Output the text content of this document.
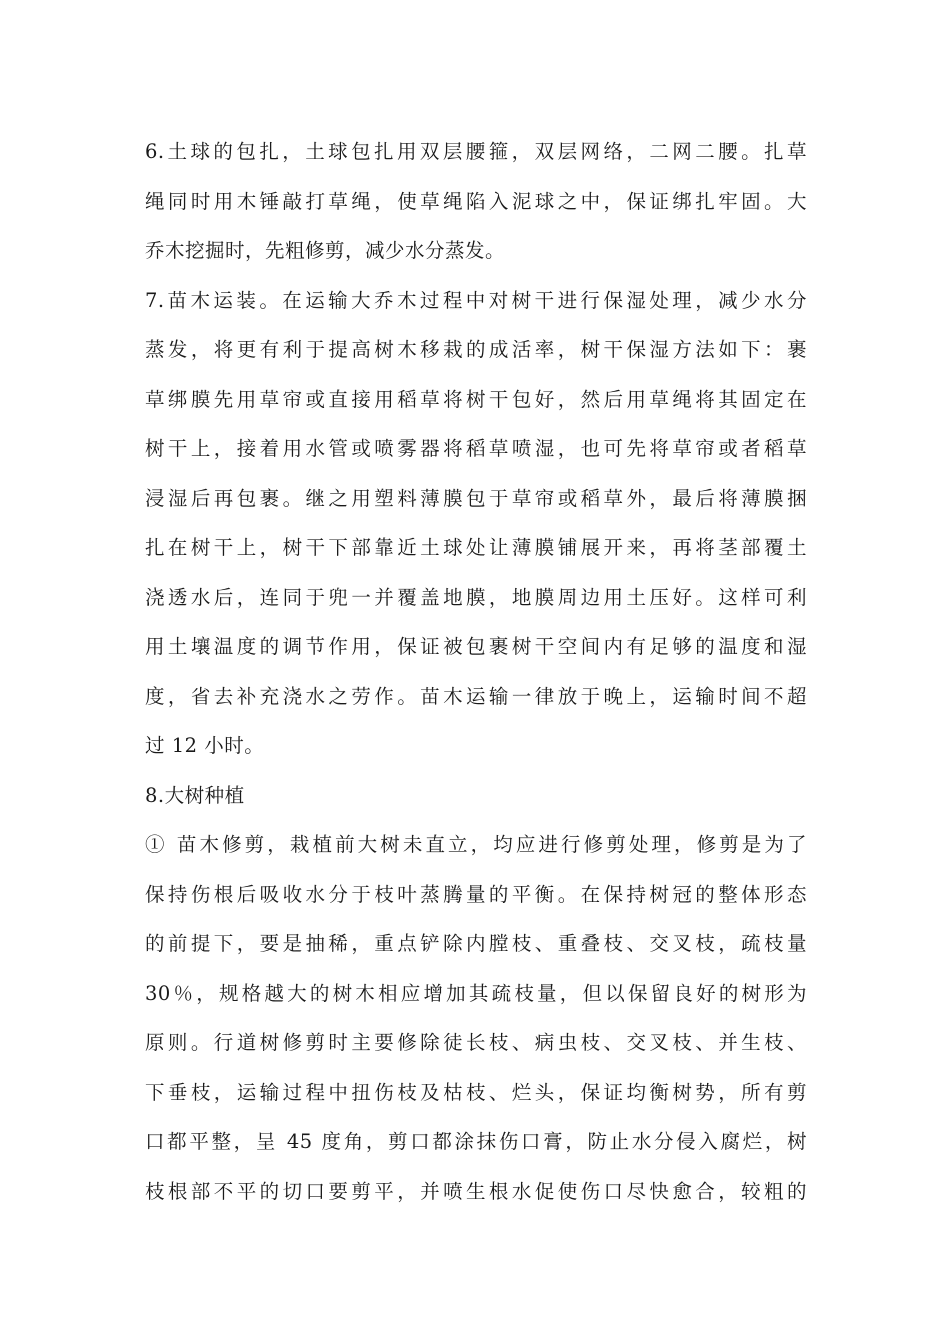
6.土球的包扎，土球包扎用双层腰箍，双层网络，二网二腰。扎草
绳同时用木锤敲打草绳，使草绳陷入泥球之中，保证绑扎牢固。大
乔木挖掘时，先粗修剪，减少水分蒸发。
7.苗木运装。在运输大乔木过程中对树干进行保湿处理，减少水分
蒸发，将更有利于提高树木移栽的成活率，树干保湿方法如下：裹
草绑膜先用草帘或直接用稻草将树干包好，然后用草绳将其固定在
树干上，接着用水管或喷雾器将稻草喷湿，也可先将草帘或者稻草
浸湿后再包裹。继之用塑料薄膜包于草帘或稻草外，最后将薄膜捆
扎在树干上，树干下部靠近土球处让薄膜铺展开来，再将茎部覆土
浇透水后，连同于兜一并覆盖地膜，地膜周边用土压好。这样可利
用土壤温度的调节作用，保证被包裹树干空间内有足够的温度和湿
度，省去补充浇水之劳作。苗木运输一律放于晚上，运输时间不超
过 12 小时。
8.大树种植
① 苗木修剪，栽植前大树未直立，均应进行修剪处理，修剪是为了
保持伤根后吸收水分于枝叶蒸腾量的平衡。在保持树冠的整体形态
的前提下，要是抽稀，重点铲除内膛枝、重叠枝、交叉枝，疏枝量
30％，规格越大的树木相应增加其疏枝量，但以保留良好的树形为
原则。行道树修剪时主要修除徒长枝、病虫枝、交叉枝、并生枝、
下垂枝，运输过程中扭伤枝及枯枝、烂头，保证均衡树势，所有剪
口都平整，呈 45 度角，剪口都涂抹伤口膏，防止水分侵入腐烂，树
枝根部不平的切口要剪平，并喷生根水促使伤口尽快愈合，较粗的
